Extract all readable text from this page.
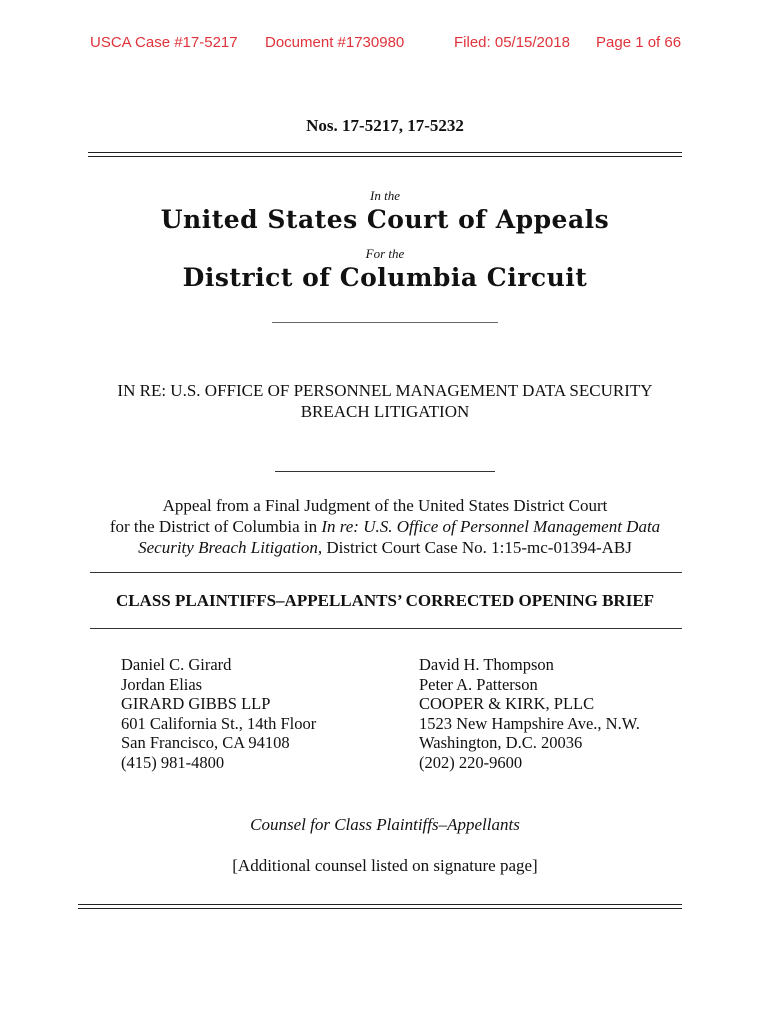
USCA Case #17-5217 Document #1730980	Filed: 05/15/2018 Page 1 of 66
Nos. 17-5217, 17-5232
In the
United States Court of Appeals
For the
District of Columbia Circuit
IN RE: U.S. OFFICE OF PERSONNEL MANAGEMENT DATA SECURITY
BREACH LITIGATION
Appeal from a Final Judgment of the United States District Court
for the District of Columbia in In re: U.S. Office of Personnel Management Data
Security Breach Litigation, District Court Case No. 1:15-mc-01394-ABJ
CLASS PLAINTIFFS–APPELLANTS’ CORRECTED OPENING BRIEF
Daniel C. Girard
Jordan Elias
GIRARD GIBBS LLP
601 California St., 14th Floor
San Francisco, CA 94108
(415) 981-4800
David H. Thompson
Peter A. Patterson
COOPER & KIRK, PLLC
1523 New Hampshire Ave., N.W.
Washington, D.C. 20036
(202) 220-9600
Counsel for Class Plaintiffs–Appellants
[Additional counsel listed on signature page]
